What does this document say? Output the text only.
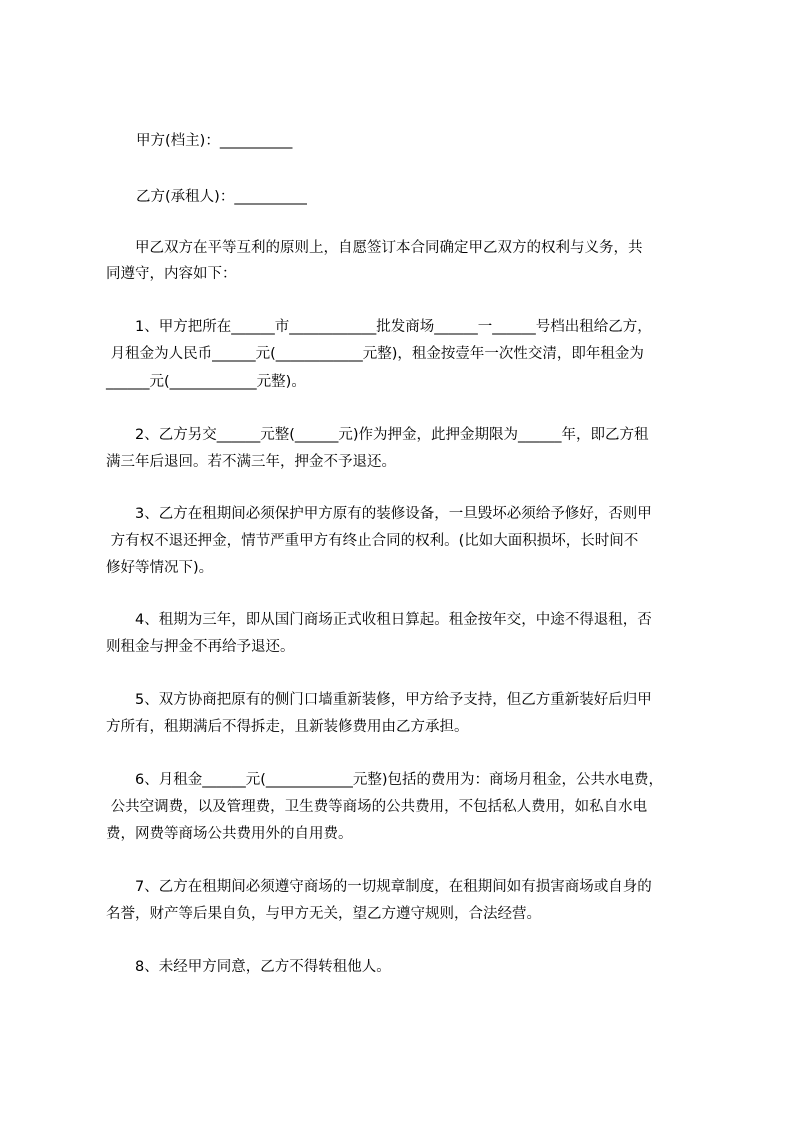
甲方(档主)：__________
乙方(承租人)：__________
　　甲乙双方在平等互利的原则上，自愿签订本合同确定甲乙双方的权利与义务，共
同遵守，内容如下：
　　1、甲方把所在______市____________批发商场______一______号档出租给乙方，
月租金为人民币______元(____________元整)，租金按壹年一次性交清，即年租金为
______元(____________元整)。
　　2、乙方另交______元整(______元)作为押金，此押金期限为______年，即乙方租
满三年后退回。若不满三年，押金不予退还。
　　3、乙方在租期间必须保护甲方原有的装修设备，一旦毁坏必须给予修好，否则甲
方有权不退还押金，情节严重甲方有终止合同的权利。(比如大面积损坏，长时间不
修好等情况下)。
　　4、租期为三年，即从国门商场正式收租日算起。租金按年交，中途不得退租，否
则租金与押金不再给予退还。
　　5、双方协商把原有的侧门口墙重新装修，甲方给予支持，但乙方重新装好后归甲
方所有，租期满后不得拆走，且新装修费用由乙方承担。
　　6、月租金______元(____________元整)包括的费用为：商场月租金，公共水电费，
公共空调费，以及管理费，卫生费等商场的公共费用，不包括私人费用，如私自水电
费，网费等商场公共费用外的自用费。
　　7、乙方在租期间必须遵守商场的一切规章制度，在租期间如有损害商场或自身的
名誉，财产等后果自负，与甲方无关，望乙方遵守规则，合法经营。
　　8、未经甲方同意，乙方不得转租他人。
